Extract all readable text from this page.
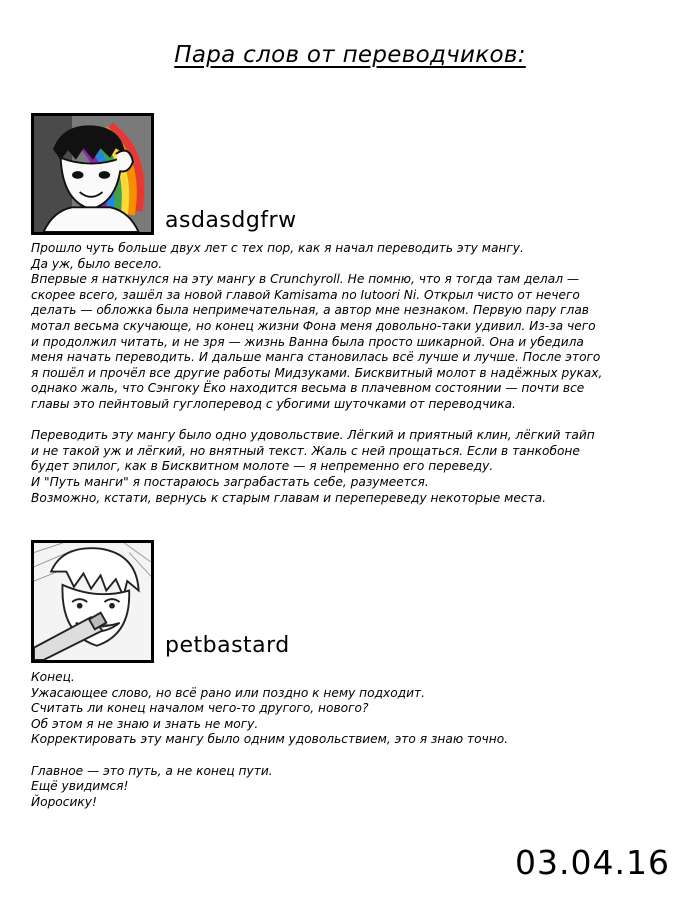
Пара слов от переводчиков:
asdasdgfrw
Прошло чуть больше двух лет с тех пор, как я начал переводить эту мангу.
Да уж, было весело.
Впервые я наткнулся на эту мангу в Crunchyroll. Не помню, что я тогда там делал —
скорее всего, зашёл за новой главой Kamisama no Iutoori Ni. Открыл чисто от нечего
делать — обложка была непримечательная, а автор мне незнаком. Первую пару глав
мотал весьма скучающе, но конец жизни Фона меня довольно-таки удивил. Из-за чего
и продолжил читать, и не зря — жизнь Ванна была просто шикарной. Она и убедила
меня начать переводить. И дальше манга становилась всё лучше и лучше. После этого
я пошёл и прочёл все другие работы Мидзуками. Бисквитный молот в надёжных руках,
однако жаль, что Сэнгоку Ёко находится весьма в плачевном состоянии — почти все
главы это пейнтовый гуглоперевод с убогими шуточками от переводчика.
Переводить эту мангу было одно удовольствие. Лёгкий и приятный клин, лёгкий тайп
и не такой уж и лёгкий, но внятный текст. Жаль с ней прощаться. Если в танкобоне
будет эпилог, как в Бисквитном молоте — я непременно его переведу.
И "Путь манги" я постараюсь заграбастать себе, разумеется.
Возможно, кстати, вернусь к старым главам и перепереведу некоторые места.
petbastard
Конец.
Ужасающее слово, но всё рано или поздно к нему подходит.
Считать ли конец началом чего-то другого, нового?
Об этом я не знаю и знать не могу.
Корректировать эту мангу было одним удовольствием, это я знаю точно.
Главное — это путь, а не конец пути.
Ещё увидимся!
Йоросику!
03.04.16
